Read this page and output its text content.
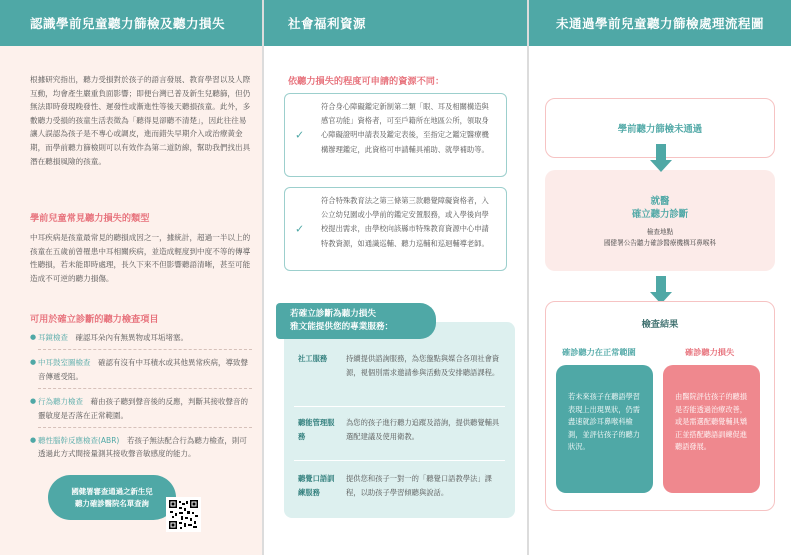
認識學前兒童聽力篩檢及聽力損失
根據研究指出，聽力受損對於孩子的語言發展、教育學習以及人際互動，均會產生嚴重負面影響；即便台灣已普及新生兒聽篩，但仍無法即時發現晚發性、遲發性或漸進性等後天聽損孩童。此外，多數聽力受損的孩童生活表徵為「聽得見卻聽不清楚」，因此往往易讓人誤認為孩子是不專心或調皮，進而錯失早期介入或治療黃金期，而學前聽力篩檢則可以有效作為第二道防線，幫助我們找出具潛在聽損風險的孩童。
學前兒童常見聽力損失的類型
中耳疾病是孩童最常見的聽損成因之一，據統計，超過一半以上的孩童在五歲前曾罹患中耳相關疾病，並造成輕度到中度不等的傳導性聽損，若未能即時處理，長久下來不但影響聽語清晰，甚至可能造成不可逆的聽力損傷。
可用於確立診斷的聽力檢查項目
● 耳鏡檢查　 確認耳朵內有無異物或耳垢堵塞。
● 中耳鼓室圖檢查　 確認有沒有中耳積水或其他異常疾病，導致聲音傳遞受阻。
● 行為聽力檢查　 藉由孩子聽到聲音後的反應，判斷其接收聲音的靈敏度是否落在正常範圍。
● 聽性腦幹反應檢查(ABR)　 若孩子無法配合行為聽力檢查，則可透過此方式間接量測其接收聲音敏感度的能力。
國健署審查通過之新生兒
聽力確診醫院名單查詢
社會福利資源
依聽力損失的程度可申請的資源不同：
✓
符合身心障礙鑑定新制第二類「眼、耳及相關構造與感官功能」資格者，可至戶籍所在地區公所，領取身心障礙證明申請表及鑑定表後，至指定之鑑定醫療機構辦理鑑定，此資格可申請輔具補助、就學補助等。
✓
符合特殊教育法之第三條第三款聽覺障礙資格者，入公立幼兒園或小學前的鑑定安置服務，或入學後向學校提出需求，由學校向該縣市特殊教育資源中心申請特教資源，如通識巡輔、聽力巡輔和巡迴輔導老師。
社工服務	持續提供諮詢服務，為您盤點與媒合各項社會資源，視個別需求邀請參與活動及安排聽語課程。
聽能管理服務
為您的孩子進行聽力追蹤及諮詢，提供聽覺輔具選配建議及使用衛教。
聽覺口語訓練服務
提供您和孩子一對一的「聽覺口語教學法」課程，以助孩子學習傾聽與說話。
若確立診斷為聽力損失
雅文能提供您的專業服務：
未通過學前兒童聽力篩檢處理流程圖
學前聽力篩檢未通過
就醫
確立聽力診斷
檢查地點
國健署公告聽力確診醫療機構耳鼻喉科
檢查結果
確診聽力在正常範圍	確診聽力損失
若未來孩子在聽語學習表現上出現異狀，仍需盡速就診耳鼻喉科檢測，並評估孩子的聽力狀況。
由醫院評估孩子的聽損是否能透過治療改善，或是需選配聽覺輔具矯正並搭配聽語訓練促進聽語發展。
